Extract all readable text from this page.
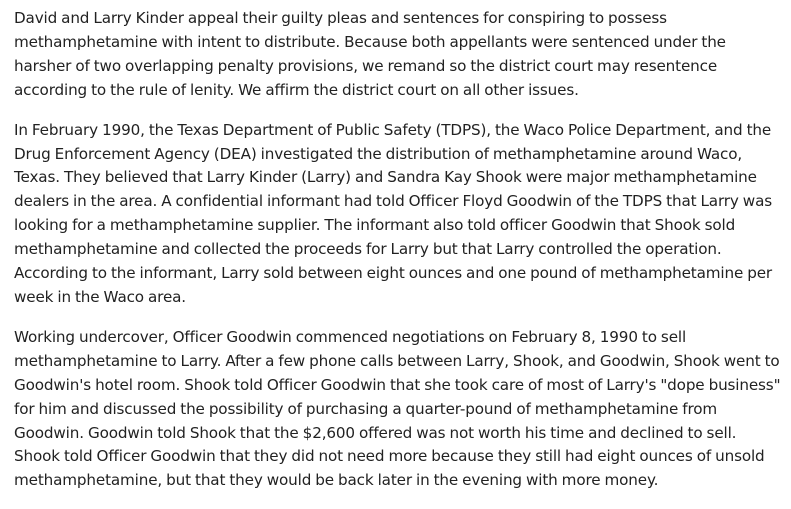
David and Larry Kinder appeal their guilty pleas and sentences for conspiring to possess methamphetamine with intent to distribute. Because both appellants were sentenced under the harsher of two overlapping penalty provisions, we remand so the district court may resentence according to the rule of lenity. We affirm the district court on all other issues.

In February 1990, the Texas Department of Public Safety (TDPS), the Waco Police Department, and the Drug Enforcement Agency (DEA) investigated the distribution of methamphetamine around Waco, Texas. They believed that Larry Kinder (Larry) and Sandra Kay Shook were major methamphetamine dealers in the area. A confidential informant had told Officer Floyd Goodwin of the TDPS that Larry was looking for a methamphetamine supplier. The informant also told officer Goodwin that Shook sold methamphetamine and collected the proceeds for Larry but that Larry controlled the operation. According to the informant, Larry sold between eight ounces and one pound of methamphetamine per week in the Waco area.

Working undercover, Officer Goodwin commenced negotiations on February 8, 1990 to sell methamphetamine to Larry. After a few phone calls between Larry, Shook, and Goodwin, Shook went to Goodwin's hotel room. Shook told Officer Goodwin that she took care of most of Larry's "dope business" for him and discussed the possibility of purchasing a quarter-pound of methamphetamine from Goodwin. Goodwin told Shook that the $2,600 offered was not worth his time and declined to sell. Shook told Officer Goodwin that they did not need more because they still had eight ounces of unsold methamphetamine, but that they would be back later in the evening with more money.
